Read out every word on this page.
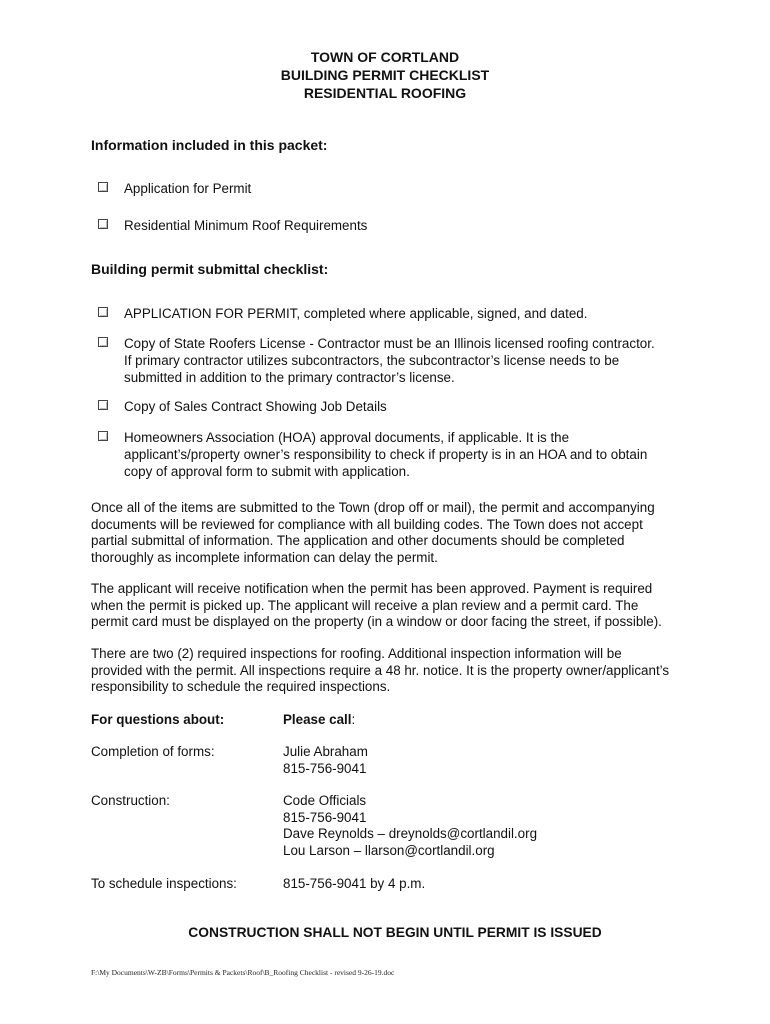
TOWN OF CORTLAND
BUILDING PERMIT CHECKLIST
RESIDENTIAL ROOFING
Information included in this packet:
Application for Permit
Residential Minimum Roof Requirements
Building permit submittal checklist:
APPLICATION FOR PERMIT, completed where applicable, signed, and dated.
Copy of State Roofers License - Contractor must be an Illinois licensed roofing contractor.
If primary contractor utilizes subcontractors, the subcontractor’s license needs to be
submitted in addition to the primary contractor’s license.
Copy of Sales Contract Showing Job Details
Homeowners Association (HOA) approval documents, if applicable. It is the
applicant’s/property owner’s responsibility to check if property is in an HOA and to obtain
copy of approval form to submit with application.
Once all of the items are submitted to the Town (drop off or mail), the permit and accompanying
documents will be reviewed for compliance with all building codes. The Town does not accept
partial submittal of information. The application and other documents should be completed
thoroughly as incomplete information can delay the permit.
The applicant will receive notification when the permit has been approved. Payment is required
when the permit is picked up. The applicant will receive a plan review and a permit card. The
permit card must be displayed on the property (in a window or door facing the street, if possible).
There are two (2) required inspections for roofing. Additional inspection information will be
provided with the permit. All inspections require a 48 hr. notice. It is the property owner/applicant’s
responsibility to schedule the required inspections.
For questions about:	Please call:
Completion of forms:	Julie Abraham
815-756-9041
Construction:	Code Officials
815-756-9041
Dave Reynolds – dreynolds@cortlandil.org
Lou Larson – llarson@cortlandil.org
To schedule inspections:	815-756-9041 by 4 p.m.
CONSTRUCTION SHALL NOT BEGIN UNTIL PERMIT IS ISSUED
F:\My Documents\W-ZB\Forms\Permits & Packets\Roof\B_Roofing Checklist - revised 9-26-19.doc
